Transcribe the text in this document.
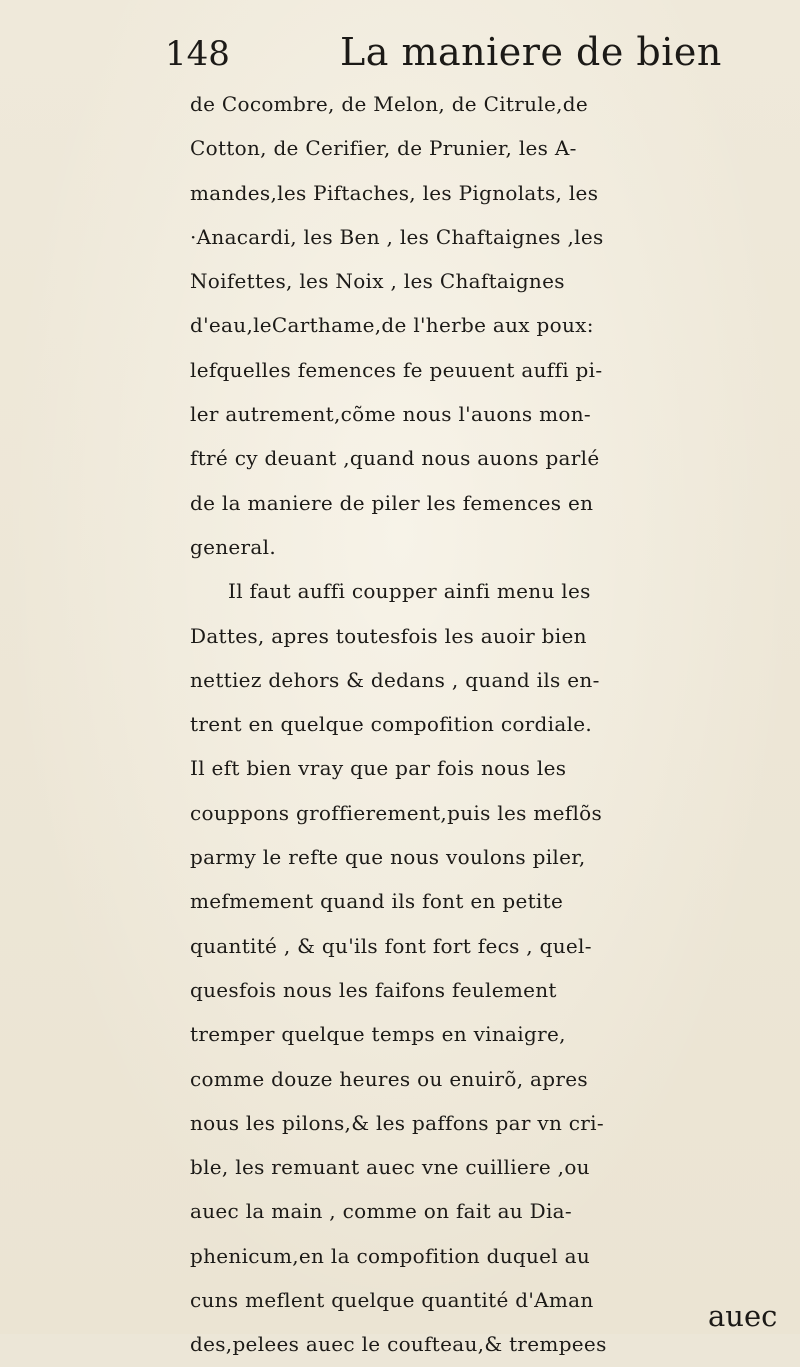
148	La maniere de bien
de Cocombre, de Melon, de Citrule,de
Cotton, de Cerifier, de Prunier, les A-
mandes,les Piftaches, les Pignolats, les
·Anacardi, les Ben , les Chaftaignes ,les
Noifettes, les Noix , les Chaftaignes
d'eau,leCarthame,de l'herbe aux poux:
lefquelles femences fe peuuent auffi pi-
ler autrement,cõme nous l'auons mon-
ftré cy deuant ,quand nous auons parlé
de la maniere de piler les femences en
general.
Il faut auffi coupper ainfi menu les
Dattes, apres toutesfois les auoir bien
nettiez dehors & dedans , quand ils en-
trent en quelque compofition cordiale.
Il eft bien vray que par fois nous les
couppons groffierement,puis les meflõs
parmy le refte que nous voulons piler,
mefmement quand ils font en petite
quantité , & qu'ils font fort fecs , quel-
quesfois nous les faifons feulement
tremper quelque temps en vinaigre,
comme douze heures ou enuirõ, apres
nous les pilons,& les paffons par vn cri-
ble, les remuant auec vne cuilliere ,ou
auec la main , comme on fait au Dia-
phenicum,en la compofition duquel au
cuns meflent quelque quantité d'Aman
des,pelees auec le coufteau,& trempees
auec
